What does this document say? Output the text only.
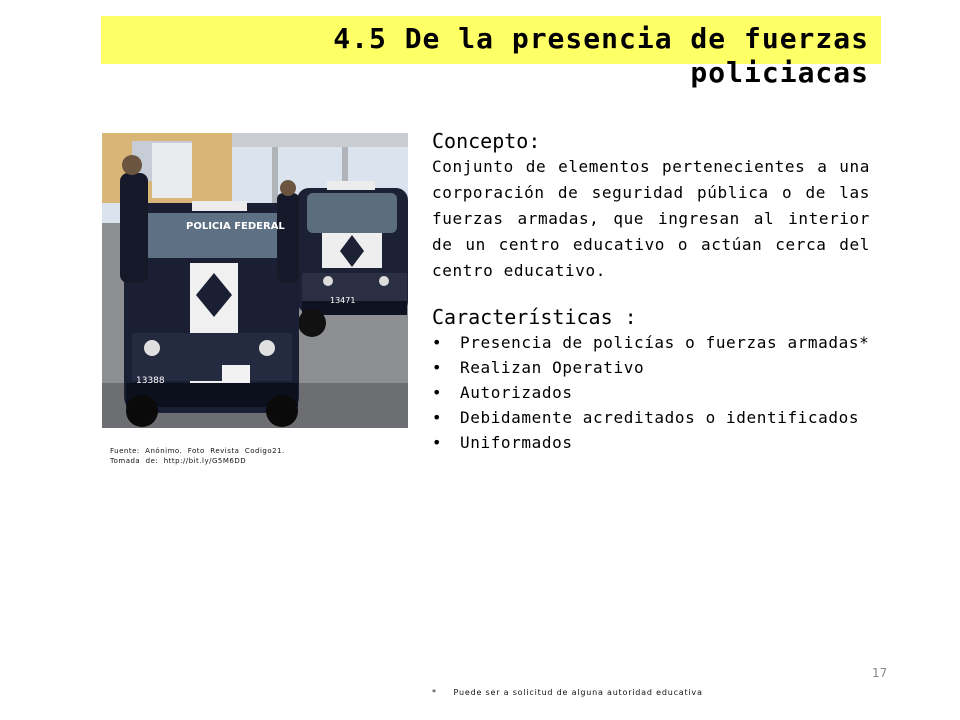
4.5 De la presencia de fuerzas
policiacas
POLICIA FEDERAL
13388
13471
Fuente:  Anónimo.  Foto  Revista  Codigo21.
Tomada  de:  http://bit.ly/G5M6DD

Concepto:

Conjunto de elementos pertenecientes a una corporación de seguridad pública o de las fuerzas armadas, que ingresan al interior de un centro educativo o actúan cerca del centro educativo.

Características :

• Presencia de policías o fuerzas armadas*
• Realizan Operativo
• Autorizados
• Debidamente acreditados o identificados
• Uniformados
17
*     Puede ser a solicitud de alguna autoridad educativa
